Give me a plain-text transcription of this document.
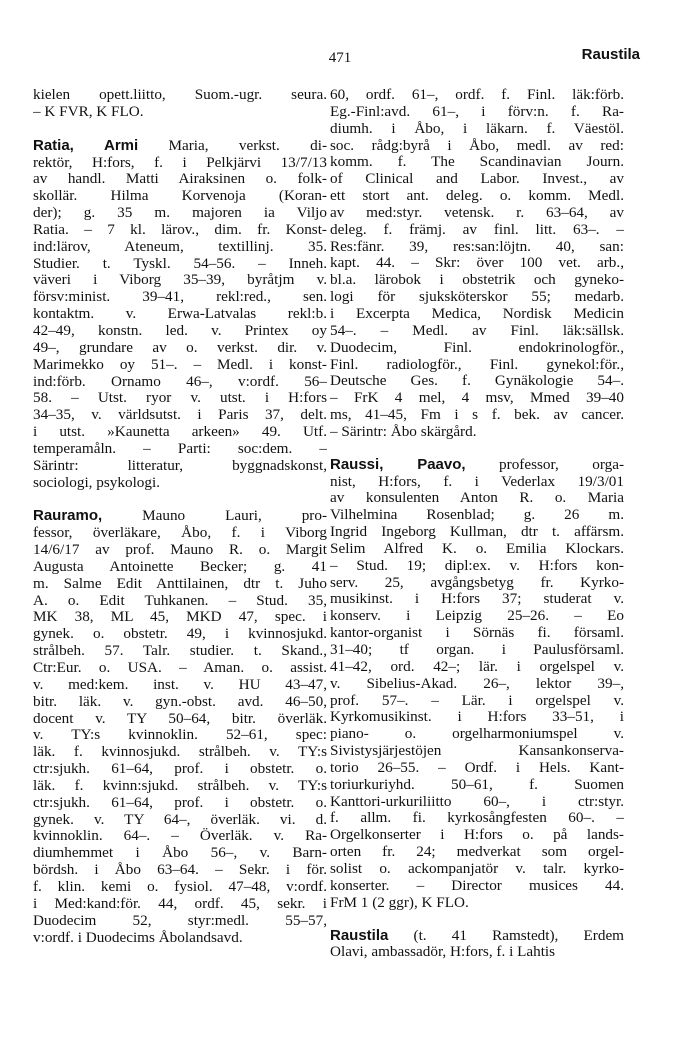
471	Raustila
kielen opett.liitto, Suom.-ugr. seura.
– K FVR, K FLO.
Ratia, Armi Maria, verkst. di-
rektör, H:fors, f. i Pelkjärvi 13/7/13
av handl. Matti Airaksinen o. folk-
skollär. Hilma Korvenoja (Koran-
der); g. 35 m. majoren ia Viljo
Ratia. – 7 kl. lärov., dim. fr. Konst-
ind:lärov, Ateneum, textillinj. 35.
Studier. t. Tyskl. 54–56. – Inneh.
väveri i Viborg 35–39, byråtjm v.
försv:minist. 39–41, rekl:red., sen.
kontaktm. v. Erwa-Latvalas rekl:b.
42–49, konstn. led. v. Printex oy
49–, grundare av o. verkst. dir. v.
Marimekko oy 51–. – Medl. i konst-
ind:förb. Ornamo 46–, v:ordf. 56–
58. – Utst. ryor v. utst. i H:fors
34–35, v. världsutst. i Paris 37, delt.
i utst. »Kaunetta arkeen» 49. Utf.
temperamåln. – Parti: soc:dem. –
Särintr: litteratur, byggnadskonst,
sociologi, psykologi.
Rauramo, Mauno Lauri, pro-
fessor, överläkare, Åbo, f. i Viborg
14/6/17 av prof. Mauno R. o. Margit
Augusta Antoinette Becker; g. 41
m. Salme Edit Anttilainen, dtr t. Juho
A. o. Edit Tuhkanen. – Stud. 35,
MK 38, ML 45, MKD 47, spec. i
gynek. o. obstetr. 49, i kvinnosjukd.
strålbeh. 57. Talr. studier. t. Skand.,
Ctr:Eur. o. USA. – Aman. o. assist.
v. med:kem. inst. v. HU 43–47,
bitr. läk. v. gyn.-obst. avd. 46–50,
docent v. TY 50–64, bitr. överläk.
v. TY:s kvinnoklin. 52–61, spec:
läk. f. kvinnosjukd. strålbeh. v. TY:s
ctr:sjukh. 61–64, prof. i obstetr. o.
läk. f. kvinn:sjukd. strålbeh. v. TY:s
ctr:sjukh. 61–64, prof. i obstetr. o.
gynek. v. TY 64–, överläk. vi. d.
kvinnoklin. 64–. – Överläk. v. Ra-
diumhemmet i Åbo 56–, v. Barn-
bördsh. i Åbo 63–64. – Sekr. i för.
f. klin. kemi o. fysiol. 47–48, v:ordf.
i Med:kand:för. 44, ordf. 45, sekr. i
Duodecim 52, styr:medl. 55–57,
v:ordf. i Duodecims Åbolandsavd.
60, ordf. 61–, ordf. f. Finl. läk:förb.
Eg.-Finl:avd. 61–, i förv:n. f. Ra-
diumh. i Åbo, i läkarn. f. Väestöl.
soc. rådg:byrå i Åbo, medl. av red:
komm. f. The Scandinavian Journ.
of Clinical and Labor. Invest., av
ett stort ant. deleg. o. komm. Medl.
av med:styr. vetensk. r. 63–64, av
deleg. f. främj. av finl. litt. 63–. –
Res:fänr. 39, res:san:löjtn. 40, san:
kapt. 44. – Skr: över 100 vet. arb.,
bl.a. lärobok i obstetrik och gyneko-
logi för sjuksköterskor 55; medarb.
i Excerpta Medica, Nordisk Medicin
54–. – Medl. av Finl. läk:sällsk.
Duodecim, Finl. endokrinologför.,
Finl. radiologför., Finl. gynekol:för.,
Deutsche Ges. f. Gynäkologie 54–.
– FrK 4 mel, 4 msv, Mmed 39–40
ms, 41–45, Fm i s f. bek. av cancer.
– Särintr: Åbo skärgård.
Raussi, Paavo, professor, orga-
nist, H:fors, f. i Vederlax 19/3/01
av konsulenten Anton R. o. Maria
Vilhelmina Rosenblad; g. 26 m.
Ingrid Ingeborg Kullman, dtr t. affärsm.
Selim Alfred K. o. Emilia Klockars.
– Stud. 19; dipl:ex. v. H:fors kon-
serv. 25, avgångsbetyg fr. Kyrko-
musikinst. i H:fors 37; studerat v.
konserv. i Leipzig 25–26. – Eo
kantor-organist i Sörnäs fi. församl.
31–40; tf organ. i Paulusförsaml.
41–42, ord. 42–; lär. i orgelspel v.
v. Sibelius-Akad. 26–, lektor 39–,
prof. 57–. – Lär. i orgelspel v.
Kyrkomusikinst. i H:fors 33–51, i
piano- o. orgelharmoniumspel v.
Sivistysjärjestöjen Kansankonserva-
torio 26–55. – Ordf. i Hels. Kant-
toriurkuriyhd. 50–61, f. Suomen
Kanttori-urkuriliitto 60–, i ctr:styr.
f. allm. fi. kyrkosångfesten 60–. –
Orgelkonserter i H:fors o. på lands-
orten fr. 24; medverkat som orgel-
solist o. ackompanjatör v. talr. kyrko-
konserter. – Director musices 44.
FrM 1 (2 ggr), K FLO.
Raustila (t. 41 Ramstedt), Erdem
Olavi, ambassadör, H:fors, f. i Lahtis
